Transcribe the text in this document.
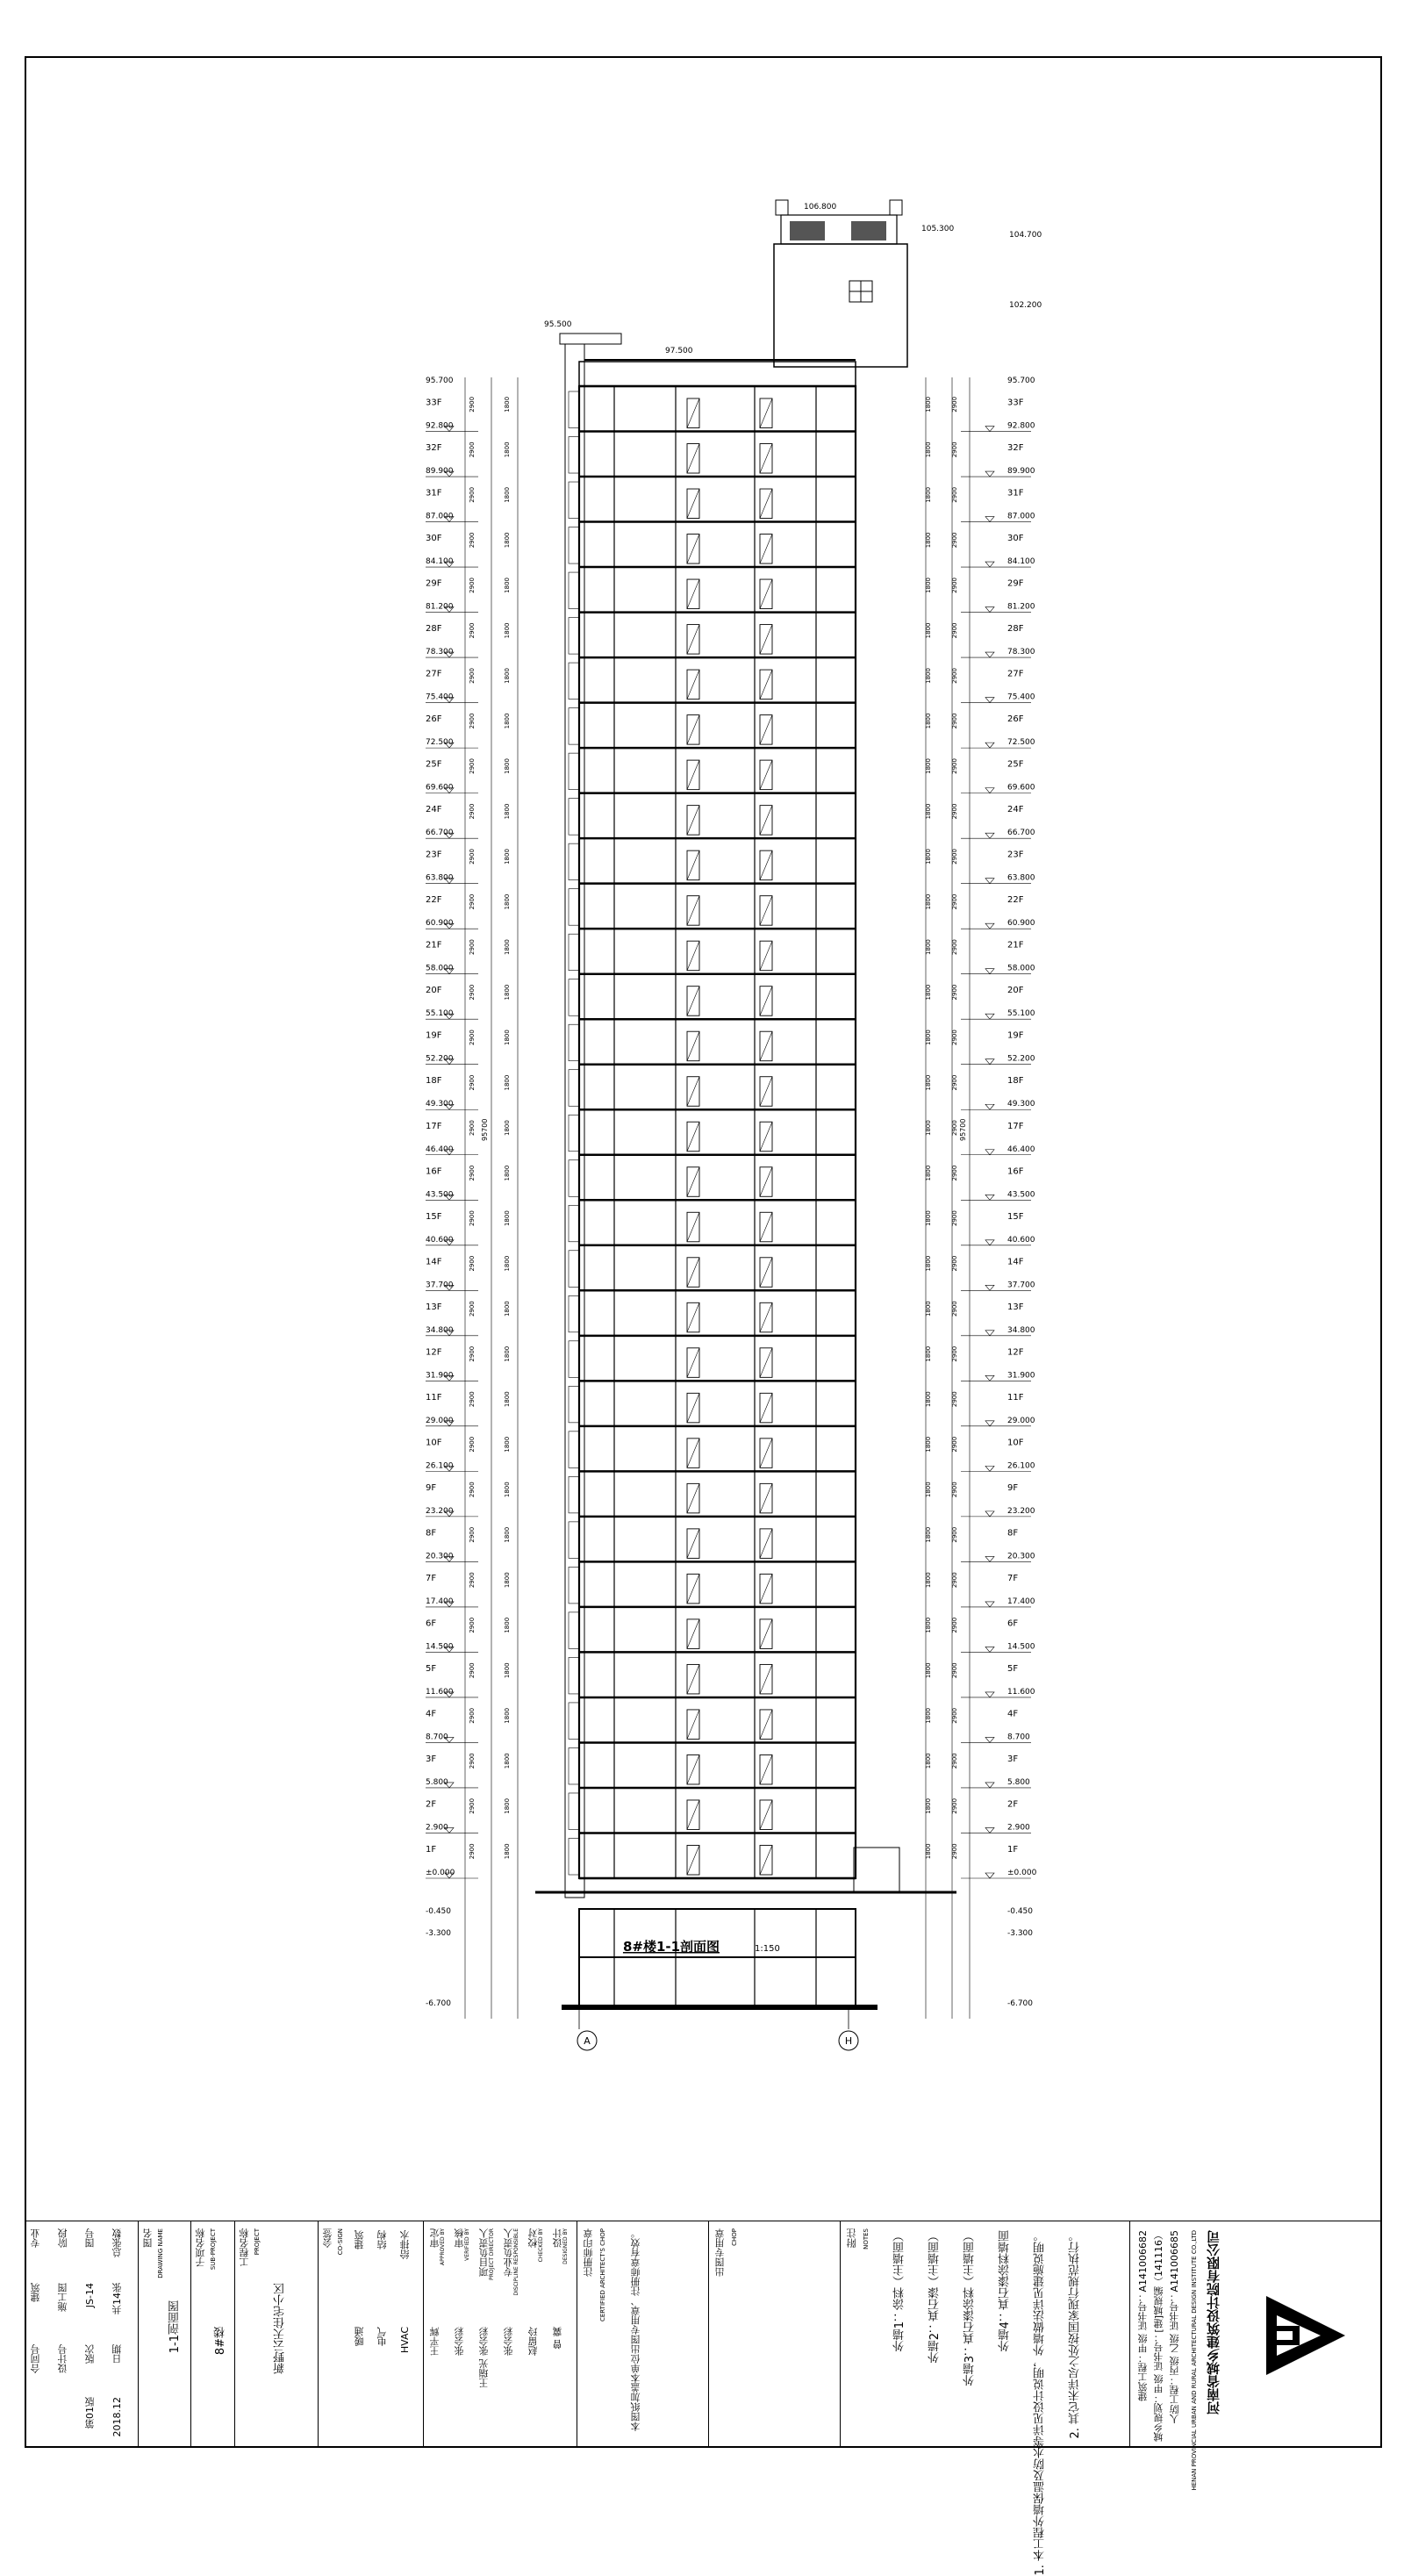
33F
92.800
33F
92.800
2900	2900
1800	1800
32F
89.900
32F
89.900
2900	2900
1800	1800
31F
87.000
31F
87.000
2900	2900
1800	1800
30F
84.100
30F
84.100
2900	2900
1800	1800
29F
81.200
29F
81.200
2900	2900
1800	1800
28F
78.300
28F
78.300
2900	2900
1800	1800
27F
75.400
27F
75.400
2900	2900
1800	1800
26F
72.500
26F
72.500
2900	2900
1800	1800
25F
69.600
25F
69.600
2900	2900
1800	1800
24F
66.700
24F
66.700
2900	2900
1800	1800
23F
63.800
23F
63.800
2900	2900
1800	1800
22F
60.900
22F
60.900
2900	2900
1800	1800
21F
58.000
21F
58.000
2900	2900
1800	1800
20F
55.100
20F
55.100
2900	2900
1800	1800
19F
52.200
19F
52.200
2900	2900
1800	1800
18F
49.300
18F
49.300
2900	2900
1800	1800
17F
46.400
17F
46.400
2900	2900
1800	1800
16F
43.500
16F
43.500
2900	2900
1800	1800
15F
40.600
15F
40.600
2900	2900
1800	1800
14F
37.700
14F
37.700
2900	2900
1800	1800
13F
34.800
13F
34.800
2900	2900
1800	1800
12F
31.900
12F
31.900
2900	2900
1800	1800
11F
29.000
11F
29.000
2900	2900
1800	1800
10F
26.100
10F
26.100
2900	2900
1800	1800
9F
23.200
9F
23.200
2900	2900
1800	1800
8F
20.300
8F
20.300
2900	2900
1800	1800
7F
17.400
7F
17.400
2900	2900
1800	1800
6F
14.500
6F
14.500
2900	2900
1800	1800
5F
11.600
5F
11.600
2900	2900
1800	1800
4F
8.700
4F
8.700
2900	2900
1800	1800
3F
5.800
3F
5.800
2900	2900
1800	1800
2F
2.900
2F
2.900
2900	2900
1800	1800
1F
±0.000
1F
±0.000
2900	2900
1800	1800
95700	95700
95.700	95.700
95.500
97.500
106.800
105.300
104.700
102.200
-0.450	-0.450
-3.300	-3.300
-6.700	-6.700
A	H
8#楼1-1剖面图	1:150
专业
建筑
合同号
阶段
施工图
设计号
图号
JS-14
版次
第01版
总张数
共14张
日期
2018.12
图名 DRAWING NAME
1-1剖面图
子项名称 SUB-PROJECT
8#楼
工程名称 PROJECT
新野云天住宅小区
会签 CO-SIGN 建筑
暖通
结构
电气
给排水
HVAC
审定 APPROVED BY
王平辉
审核 VERIFIED BY
张会彩
项目负责人 PROJECT DIRECTOR
王瑞光 张会彩
专业负责人 DISCIPLINE RESPONSIBLE
张会彩
校对 CHECKED BY
赵留玲
设计 DESIGNED BY
曾 冀
注册师印章 CERTIFIED ARCHITECT'S CHOP 本图纸加盖本单位出图专用章、注册师章有效。	出图专用章 CHOP	附注 NOTES 外墙1：涂料（主墙面） 外墙2：真石漆（主墙面） 外墙3：真石漆涂料（主墙面） 外墙4：真石漆涂料墙面 1. 本工程外墙保温及防水等详见设计说明，外墙做法详见建施说明。 2. 其它未详尽之处按国家现行规范执行。	建筑工程：甲级 证书号：A141006682 城乡规划：甲级 证书号：[建]城规编（141116） 人防工程：丙级 乙级 证书号：A141006685	HENAN PROVINCIAL URBAN AND RURAL ARCHITECTURAL DESIGN INSTITUTE CO.,LTD 河南省城乡建筑设计院有限公司
